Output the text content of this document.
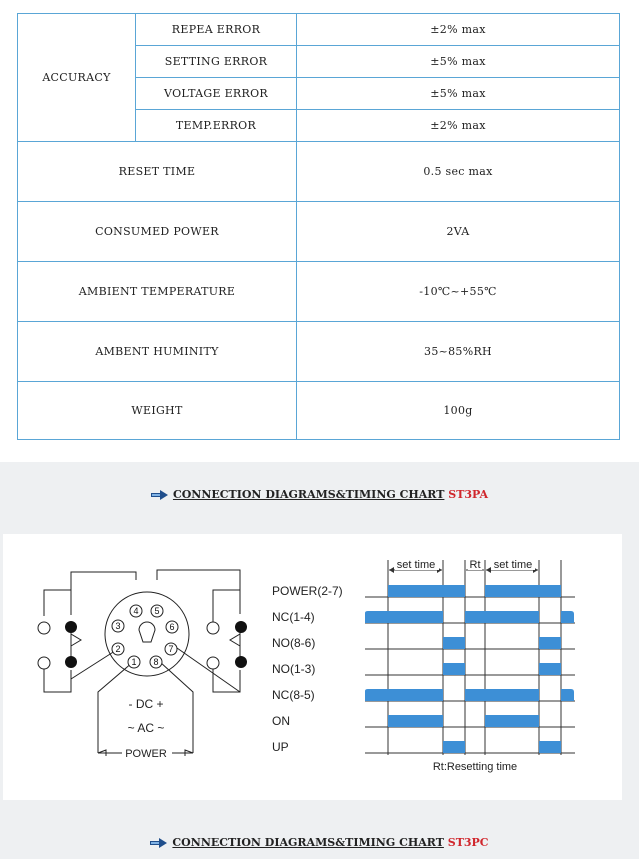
ACCURACY	REPEA ERROR	±2% max
	SETTING ERROR	±5% max
	VOLTAGE ERROR	±5% max
	TEMP.ERROR	±2% max
RESET TIME		0.5 sec max
CONSUMED POWER		2VA
AMBIENT TEMPERATURE		-10℃~+55℃
AMBENT HUMINITY		35~85%RH
WEIGHT		100g
CONNECTION DIAGRAMS&TIMING CHART ST3PA
1
2
3
4 5
6
7
8
- DC +
~ AC ~
POWER
POWER(2-7)
NC(1-4)
NO(8-6)
NO(1-3)
NC(8-5)
ON
UP
set time	Rt set time
Rt:Resetting time
CONNECTION DIAGRAMS&TIMING CHART ST3PC
